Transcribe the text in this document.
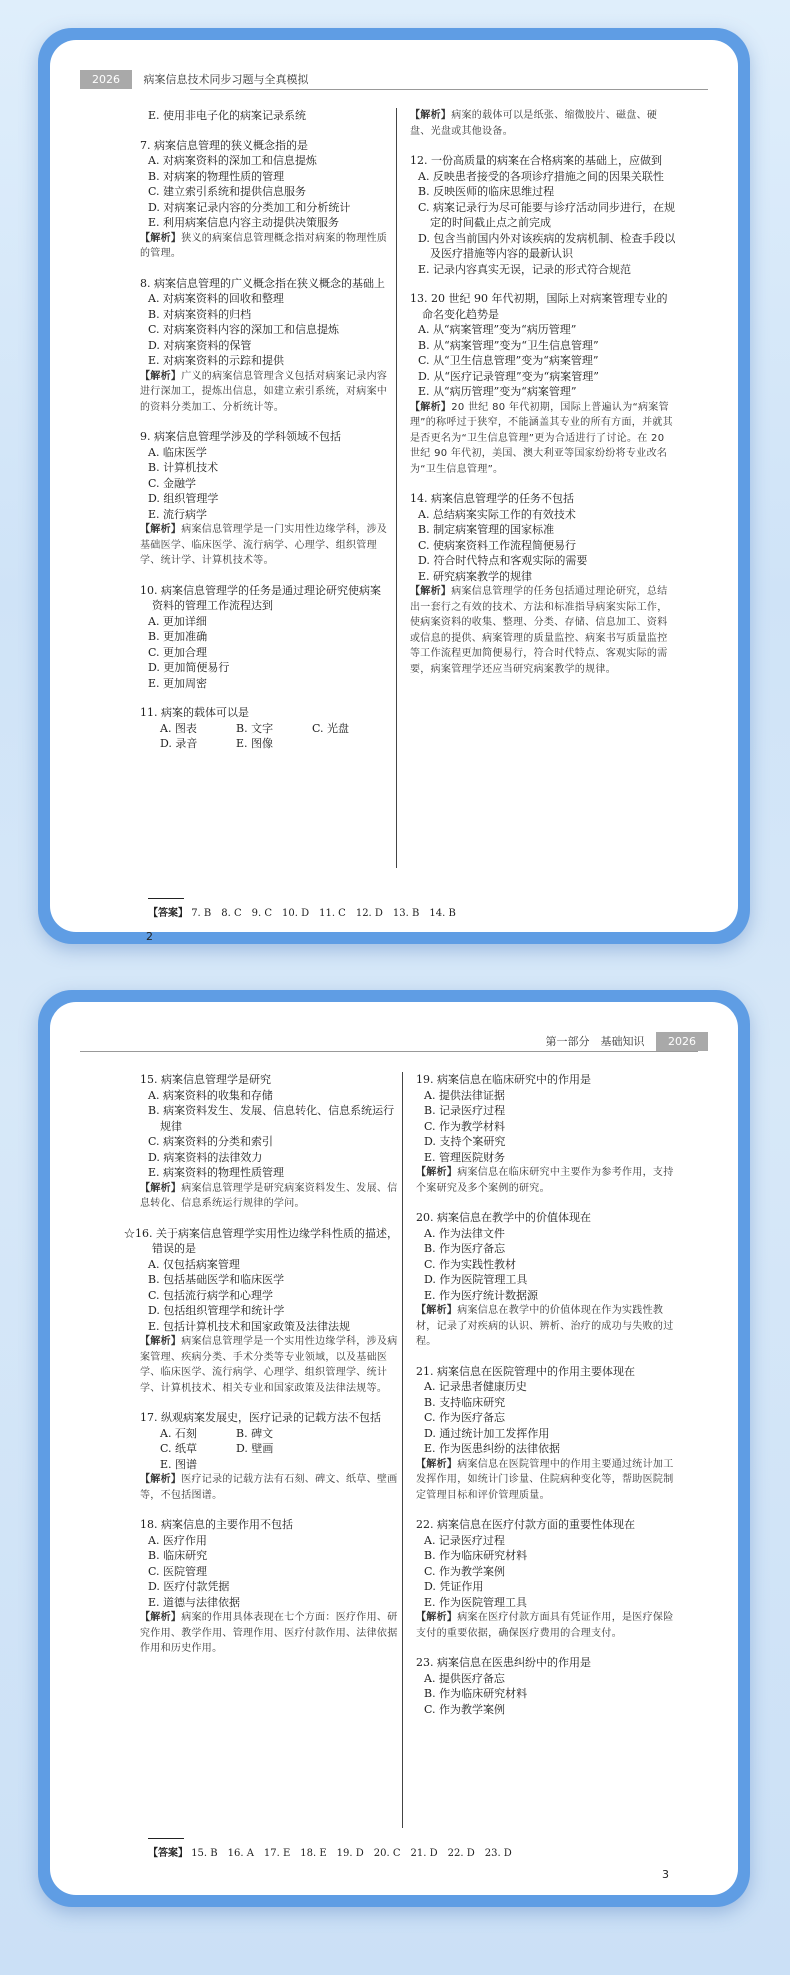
2026 病案信息技术同步习题与全真模拟
E. 使用非电子化的病案记录系统
7. 病案信息管理的狭义概念指的是
A. 对病案资料的深加工和信息提炼
B. 对病案的物理性质的管理
C. 建立索引系统和提供信息服务
D. 对病案记录内容的分类加工和分析统计
E. 利用病案信息内容主动提供决策服务
【解析】狭义的病案信息管理概念指对病案的物理性质的管理。
8. 病案信息管理的广义概念指在狭义概念的基础上
A. 对病案资料的回收和整理
B. 对病案资料的归档
C. 对病案资料内容的深加工和信息提炼
D. 对病案资料的保管
E. 对病案资料的示踪和提供
【解析】广义的病案信息管理含义包括对病案记录内容进行深加工，提炼出信息，如建立索引系统，对病案中的资料分类加工、分析统计等。
9. 病案信息管理学涉及的学科领域不包括
A. 临床医学
B. 计算机技术
C. 金融学
D. 组织管理学
E. 流行病学
【解析】病案信息管理学是一门实用性边缘学科，涉及基础医学、临床医学、流行病学、心理学、组织管理学、统计学、计算机技术等。
10. 病案信息管理学的任务是通过理论研究使病案资料的管理工作流程达到
A. 更加详细
B. 更加准确
C. 更加合理
D. 更加简便易行
E. 更加周密
11. 病案的载体可以是
A. 图表	B. 文字	C. 光盘
D. 录音	E. 图像
【解析】病案的载体可以是纸张、缩微胶片、磁盘、硬盘、光盘或其他设备。
12. 一份高质量的病案在合格病案的基础上，应做到
A. 反映患者接受的各项诊疗措施之间的因果关联性
B. 反映医师的临床思维过程
C. 病案记录行为尽可能要与诊疗活动同步进行，在规定的时间截止点之前完成
D. 包含当前国内外对该疾病的发病机制、检查手段以及医疗措施等内容的最新认识
E. 记录内容真实无误，记录的形式符合规范
13. 20 世纪 90 年代初期，国际上对病案管理专业的命名变化趋势是
A. 从“病案管理”变为“病历管理”
B. 从“病案管理”变为“卫生信息管理”
C. 从“卫生信息管理”变为“病案管理”
D. 从“医疗记录管理”变为“病案管理”
E. 从“病历管理”变为“病案管理”
【解析】20 世纪 80 年代初期，国际上普遍认为“病案管理”的称呼过于狭窄，不能涵盖其专业的所有方面，并就其是否更名为“卫生信息管理”更为合适进行了讨论。在 20 世纪 90 年代初，美国、澳大利亚等国家纷纷将专业改名为“卫生信息管理”。
14. 病案信息管理学的任务不包括
A. 总结病案实际工作的有效技术
B. 制定病案管理的国家标准
C. 使病案资料工作流程简便易行
D. 符合时代特点和客观实际的需要
E. 研究病案教学的规律
【解析】病案信息管理学的任务包括通过理论研究，总结出一套行之有效的技术、方法和标准指导病案实际工作，使病案资料的收集、整理、分类、存储、信息加工、资料或信息的提供、病案管理的质量监控、病案书写质量监控等工作流程更加简便易行，符合时代特点、客观实际的需要，病案管理学还应当研究病案教学的规律。
【答案】 7. B　8. C　9. C　10. D　11. C　12. D　13. B　14. B
2
第一部分　基础知识 2026
15. 病案信息管理学是研究
A. 病案资料的收集和存储
B. 病案资料发生、发展、信息转化、信息系统运行规律
C. 病案资料的分类和索引
D. 病案资料的法律效力
E. 病案资料的物理性质管理
【解析】病案信息管理学是研究病案资料发生、发展、信息转化、信息系统运行规律的学问。
☆16. 关于病案信息管理学实用性边缘学科性质的描述，错误的是
A. 仅包括病案管理
B. 包括基础医学和临床医学
C. 包括流行病学和心理学
D. 包括组织管理学和统计学
E. 包括计算机技术和国家政策及法律法规
【解析】病案信息管理学是一个实用性边缘学科，涉及病案管理、疾病分类、手术分类等专业领域，以及基础医学、临床医学、流行病学、心理学、组织管理学、统计学、计算机技术、相关专业和国家政策及法律法规等。
17. 纵观病案发展史，医疗记录的记载方法不包括
A. 石刻	B. 碑文
C. 纸草	D. 壁画
E. 图谱
【解析】医疗记录的记载方法有石刻、碑文、纸草、壁画等，不包括图谱。
18. 病案信息的主要作用不包括
A. 医疗作用
B. 临床研究
C. 医院管理
D. 医疗付款凭据
E. 道德与法律依据
【解析】病案的作用具体表现在七个方面：医疗作用、研究作用、教学作用、管理作用、医疗付款作用、法律依据作用和历史作用。
19. 病案信息在临床研究中的作用是
A. 提供法律证据
B. 记录医疗过程
C. 作为教学材料
D. 支持个案研究
E. 管理医院财务
【解析】病案信息在临床研究中主要作为参考作用，支持个案研究及多个案例的研究。
20. 病案信息在教学中的价值体现在
A. 作为法律文件
B. 作为医疗备忘
C. 作为实践性教材
D. 作为医院管理工具
E. 作为医疗统计数据源
【解析】病案信息在教学中的价值体现在作为实践性教材，记录了对疾病的认识、辨析、治疗的成功与失败的过程。
21. 病案信息在医院管理中的作用主要体现在
A. 记录患者健康历史
B. 支持临床研究
C. 作为医疗备忘
D. 通过统计加工发挥作用
E. 作为医患纠纷的法律依据
【解析】病案信息在医院管理中的作用主要通过统计加工发挥作用，如统计门诊量、住院病种变化等，帮助医院制定管理目标和评价管理质量。
22. 病案信息在医疗付款方面的重要性体现在
A. 记录医疗过程
B. 作为临床研究材料
C. 作为教学案例
D. 凭证作用
E. 作为医院管理工具
【解析】病案在医疗付款方面具有凭证作用，是医疗保险支付的重要依据，确保医疗费用的合理支付。
23. 病案信息在医患纠纷中的作用是
A. 提供医疗备忘
B. 作为临床研究材料
C. 作为教学案例
【答案】 15. B　16. A　17. E　18. E　19. D　20. C　21. D　22. D　23. D
3
